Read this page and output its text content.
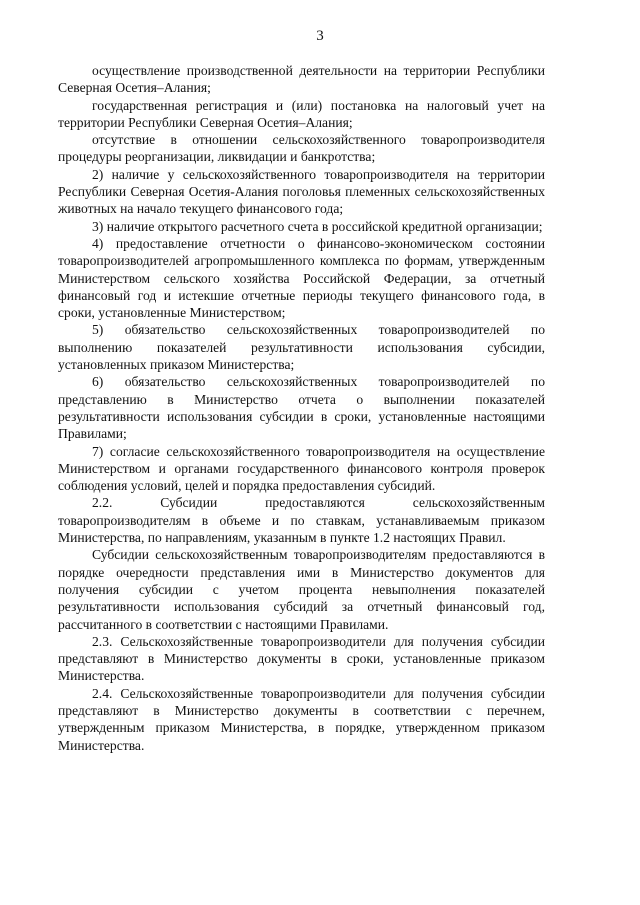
3

осуществление производственной деятельности на территории Республики Северная Осетия–Алания;

государственная регистрация и (или) постановка на налоговый учет на территории Республики Северная Осетия–Алания;

отсутствие в отношении сельскохозяйственного товаропроизводителя процедуры реорганизации, ликвидации и банкротства;

2) наличие у сельскохозяйственного товаропроизводителя на территории Республики Северная Осетия-Алания поголовья племенных сельскохозяйственных животных на начало текущего финансового года;

3) наличие открытого расчетного счета в российской кредитной организации;

4) предоставление отчетности о финансово-экономическом состоянии товаропроизводителей агропромышленного комплекса по формам, утвержденным Министерством сельского хозяйства Российской Федерации, за отчетный финансовый год и истекшие отчетные периоды текущего финансового года, в сроки, установленные Министерством;

5) обязательство сельскохозяйственных товаропроизводителей по выполнению показателей результативности использования субсидии, установленных приказом Министерства;

6) обязательство сельскохозяйственных товаропроизводителей по представлению в Министерство отчета о выполнении показателей результативности использования субсидии в сроки, установленные настоящими Правилами;

7) согласие сельскохозяйственного товаропроизводителя на осуществление Министерством и органами государственного финансового контроля проверок соблюдения условий, целей и порядка предоставления субсидий.

2.2. Субсидии предоставляются сельскохозяйственным товаропроизводителям в объеме и по ставкам, устанавливаемым приказом Министерства, по направлениям, указанным в пункте 1.2 настоящих Правил.

Субсидии сельскохозяйственным товаропроизводителям предоставляются в порядке очередности представления ими в Министерство документов для получения субсидии с учетом процента невыполнения показателей результативности использования субсидий за отчетный финансовый год, рассчитанного в соответствии с настоящими Правилами.

2.3. Сельскохозяйственные товаропроизводители для получения субсидии представляют в Министерство документы в сроки, установленные приказом Министерства.

2.4. Сельскохозяйственные товаропроизводители для получения субсидии представляют в Министерство документы в соответствии с перечнем, утвержденным приказом Министерства, в порядке, утвержденном приказом Министерства.
